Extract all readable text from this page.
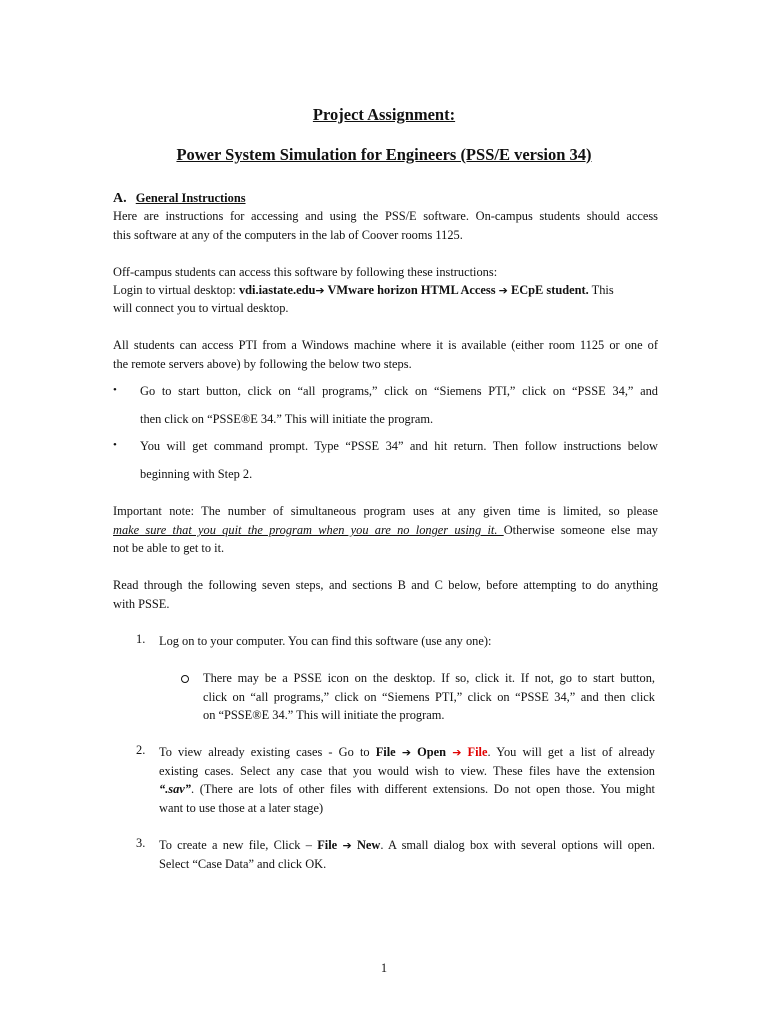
Project Assignment:
Power System Simulation for Engineers (PSS/E version 34)
A. General Instructions
Here are instructions for accessing and using the PSS/E software. On-campus students should access
this software at any of the computers in the lab of Coover rooms 1125.
Off-campus students can access this software by following these instructions:
Login to virtual desktop: vdi.iastate.edu➔ VMware horizon HTML Access ➔ ECpE student. This
will connect you to virtual desktop.
All students can access PTI from a Windows machine where it is available (either room 1125 or one of
the remote servers above) by following the below two steps.
• Go to start button, click on “all programs,” click on “Siemens PTI,” click on “PSSE 34,” and
then click on “PSSE®E 34.” This will initiate the program.
• You will get command prompt. Type “PSSE 34” and hit return. Then follow instructions below
beginning with Step 2.
Important note: The number of simultaneous program uses at any given time is limited, so please
make sure that you quit the program when you are no longer using it. Otherwise someone else may
not be able to get to it.
Read through the following seven steps, and sections B and C below, before attempting to do anything
with PSSE.
1. Log on to your computer. You can find this software (use any one):
There may be a PSSE icon on the desktop. If so, click it. If not, go to start button,
click on “all programs,” click on “Siemens PTI,” click on “PSSE 34,” and then click
on “PSSE®E 34.” This will initiate the program.
2. To view already existing cases - Go to File ➔ Open ➔ File. You will get a list of already
existing cases. Select any case that you would wish to view. These files have the extension
“.sav”. (There are lots of other files with different extensions. Do not open those. You might
want to use those at a later stage)
3. To create a new file, Click – File ➔ New. A small dialog box with several options will open.
Select “Case Data” and click OK.
1
